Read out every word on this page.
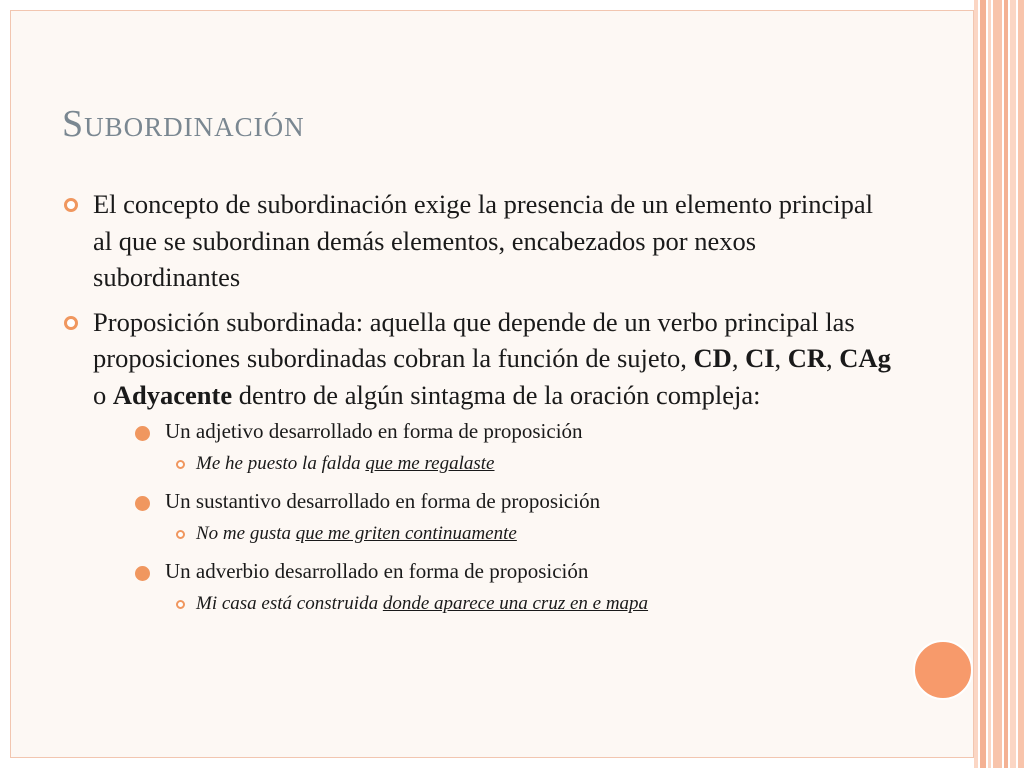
Subordinación
El concepto de subordinación exige la presencia de un elemento principal al que se subordinan demás elementos, encabezados por nexos subordinantes
Proposición subordinada: aquella que depende de un verbo principal las proposiciones subordinadas cobran la función de sujeto, CD, CI, CR, CAg o Adyacente dentro de algún sintagma de la oración compleja:
Un adjetivo desarrollado en forma de proposición
Me he puesto la falda que me regalaste
Un sustantivo desarrollado en forma de proposición
No me gusta que me griten continuamente
Un adverbio desarrollado en forma de proposición
Mi casa está construida donde aparece una cruz en e mapa
